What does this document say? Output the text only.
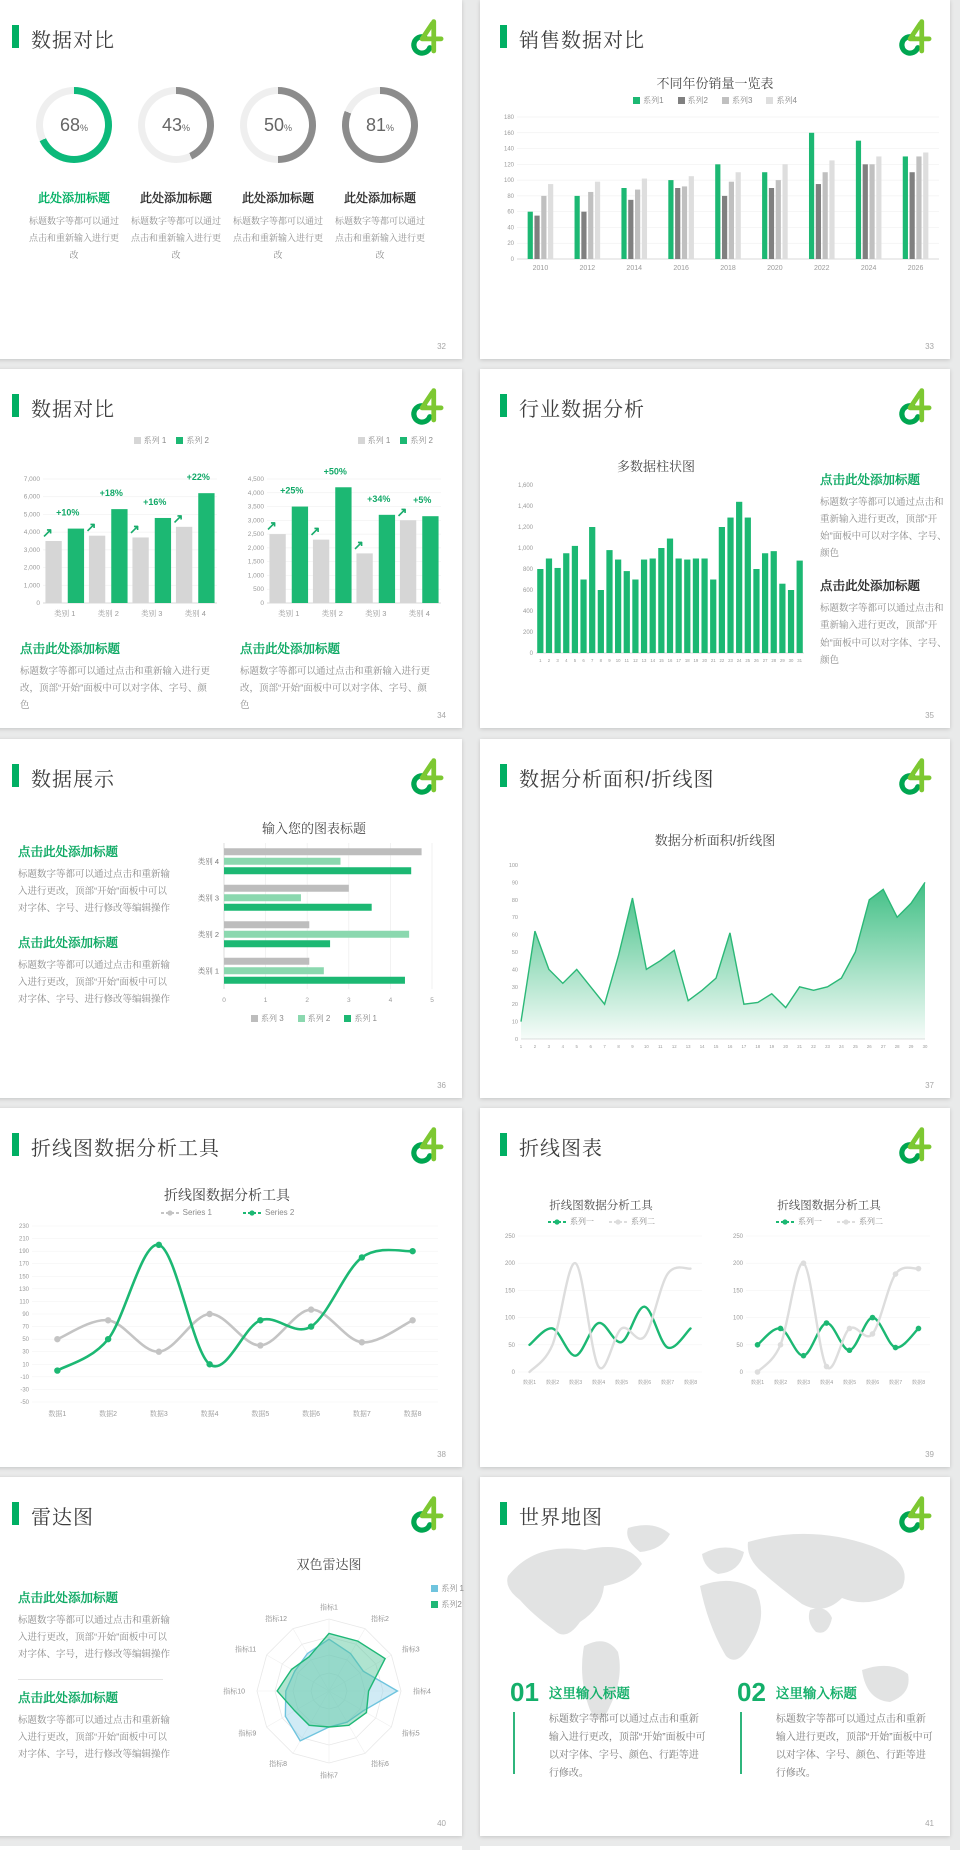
数据对比
68 %
此处添加标题

标题数字等都可以通过点击和重新输入进行更改

43 %
此处添加标题

标题数字等都可以通过点击和重新输入进行更改

50 %
此处添加标题

标题数字等都可以通过点击和重新输入进行更改

81 %
此处添加标题

标题数字等都可以通过点击和重新输入进行更改

32
销售数据对比
不同年份销量一览表
系列1	系列2	系列3	系列4
0
20
40
60
80
100
120
140
160
180
2010	2012	2014	2016	2018	2020	2022	2024	2026
33
数据对比
系列 1	系列 2
0
1,000
2,000
3,000
4,000
5,000
6,000
7,000
类别 1	类别 2	类别 3	类别 4
+10%
↗
+18%
↗
+16%
↗
+22%
↗
系列 1	系列 2
0
500
1,000
1,500
2,000
2,500
3,000
3,500
4,000
4,500
类别 1	类别 2	类别 3	类别 4
+25%
↗
+50%
↗
+34%
↗
+5%
↗
点击此处添加标题

标题数字等都可以通过点击和重新输入进行更改，顶部“开始”面板中可以对字体、字号、颜色

点击此处添加标题

标题数字等都可以通过点击和重新输入进行更改，顶部“开始”面板中可以对字体、字号、颜色

34
行业数据分析
多数据柱状图
0
200
400
600
800
1,000
1,200
1,400
1,600
1 2 3 4 5 6 7 8 9 10 11 12 13 14 15 16 17 18 19 20 21 22 23 24 25 26 27 28 29 30 31
点击此处添加标题

标题数字等都可以通过点击和重新输入进行更改，顶部“开始”面板中可以对字体、字号、颜色

点击此处添加标题

标题数字等都可以通过点击和重新输入进行更改，顶部“开始”面板中可以对字体、字号、颜色

35
数据展示
点击此处添加标题

标题数字等都可以通过点击和重新输入进行更改，顶部“开始”面板中可以对字体、字号、进行修改等编辑操作

点击此处添加标题

标题数字等都可以通过点击和重新输入进行更改，顶部“开始”面板中可以对字体、字号、进行修改等编辑操作

输入您的图表标题
0	1	2	3	4	5
类别 4
类别 3
类别 2
类别 1
系列 3	系列 2	系列 1
36
数据分析面积/折线图
数据分析面积/折线图
0
10
20
30
40
50
60
70
80
90
100
1	2	3	4	5	6	7	8	9 10 11 12 13 14 15 16 17 18 19 20 21 22 23 24 25 26 27 28 29 30
37
折线图数据分析工具
折线图数据分析工具
Series 1	Series 2
-50
-30
-10
10
30
50
70
90
110
130
150
170
190
210
230
数据1	数据2	数据3	数据4	数据5	数据6	数据7	数据8
38
折线图表
折线图数据分析工具
系列一	系列二
0
50
100
150
200
250
数据1 数据2 数据3 数据4 数据5 数据6 数据7 数据8
折线图数据分析工具
系列一	系列二
0
50
100
150
200
250
数据1 数据2 数据3 数据4 数据5 数据6 数据7 数据8
39
雷达图
点击此处添加标题

标题数字等都可以通过点击和重新输入进行更改，顶部“开始”面板中可以对字体、字号，进行修改等编辑操作

点击此处添加标题

标题数字等都可以通过点击和重新输入进行更改，顶部“开始”面板中可以对字体、字号，进行修改等编辑操作

双色雷达图
指标1
指标2
指标3
指标4
指标5
指标6
指标7
指标8
指标9
指标10
指标11
指标12
系列 1
系列2
40
世界地图
01 这里输入标题

标题数字等都可以通过点击和重新输入进行更改，顶部“开始”面板中可以对字体、字号、颜色、行距等进行修改。

02 这里输入标题

标题数字等都可以通过点击和重新输入进行更改，顶部“开始”面板中可以对字体、字号、颜色、行距等进行修改。

41
